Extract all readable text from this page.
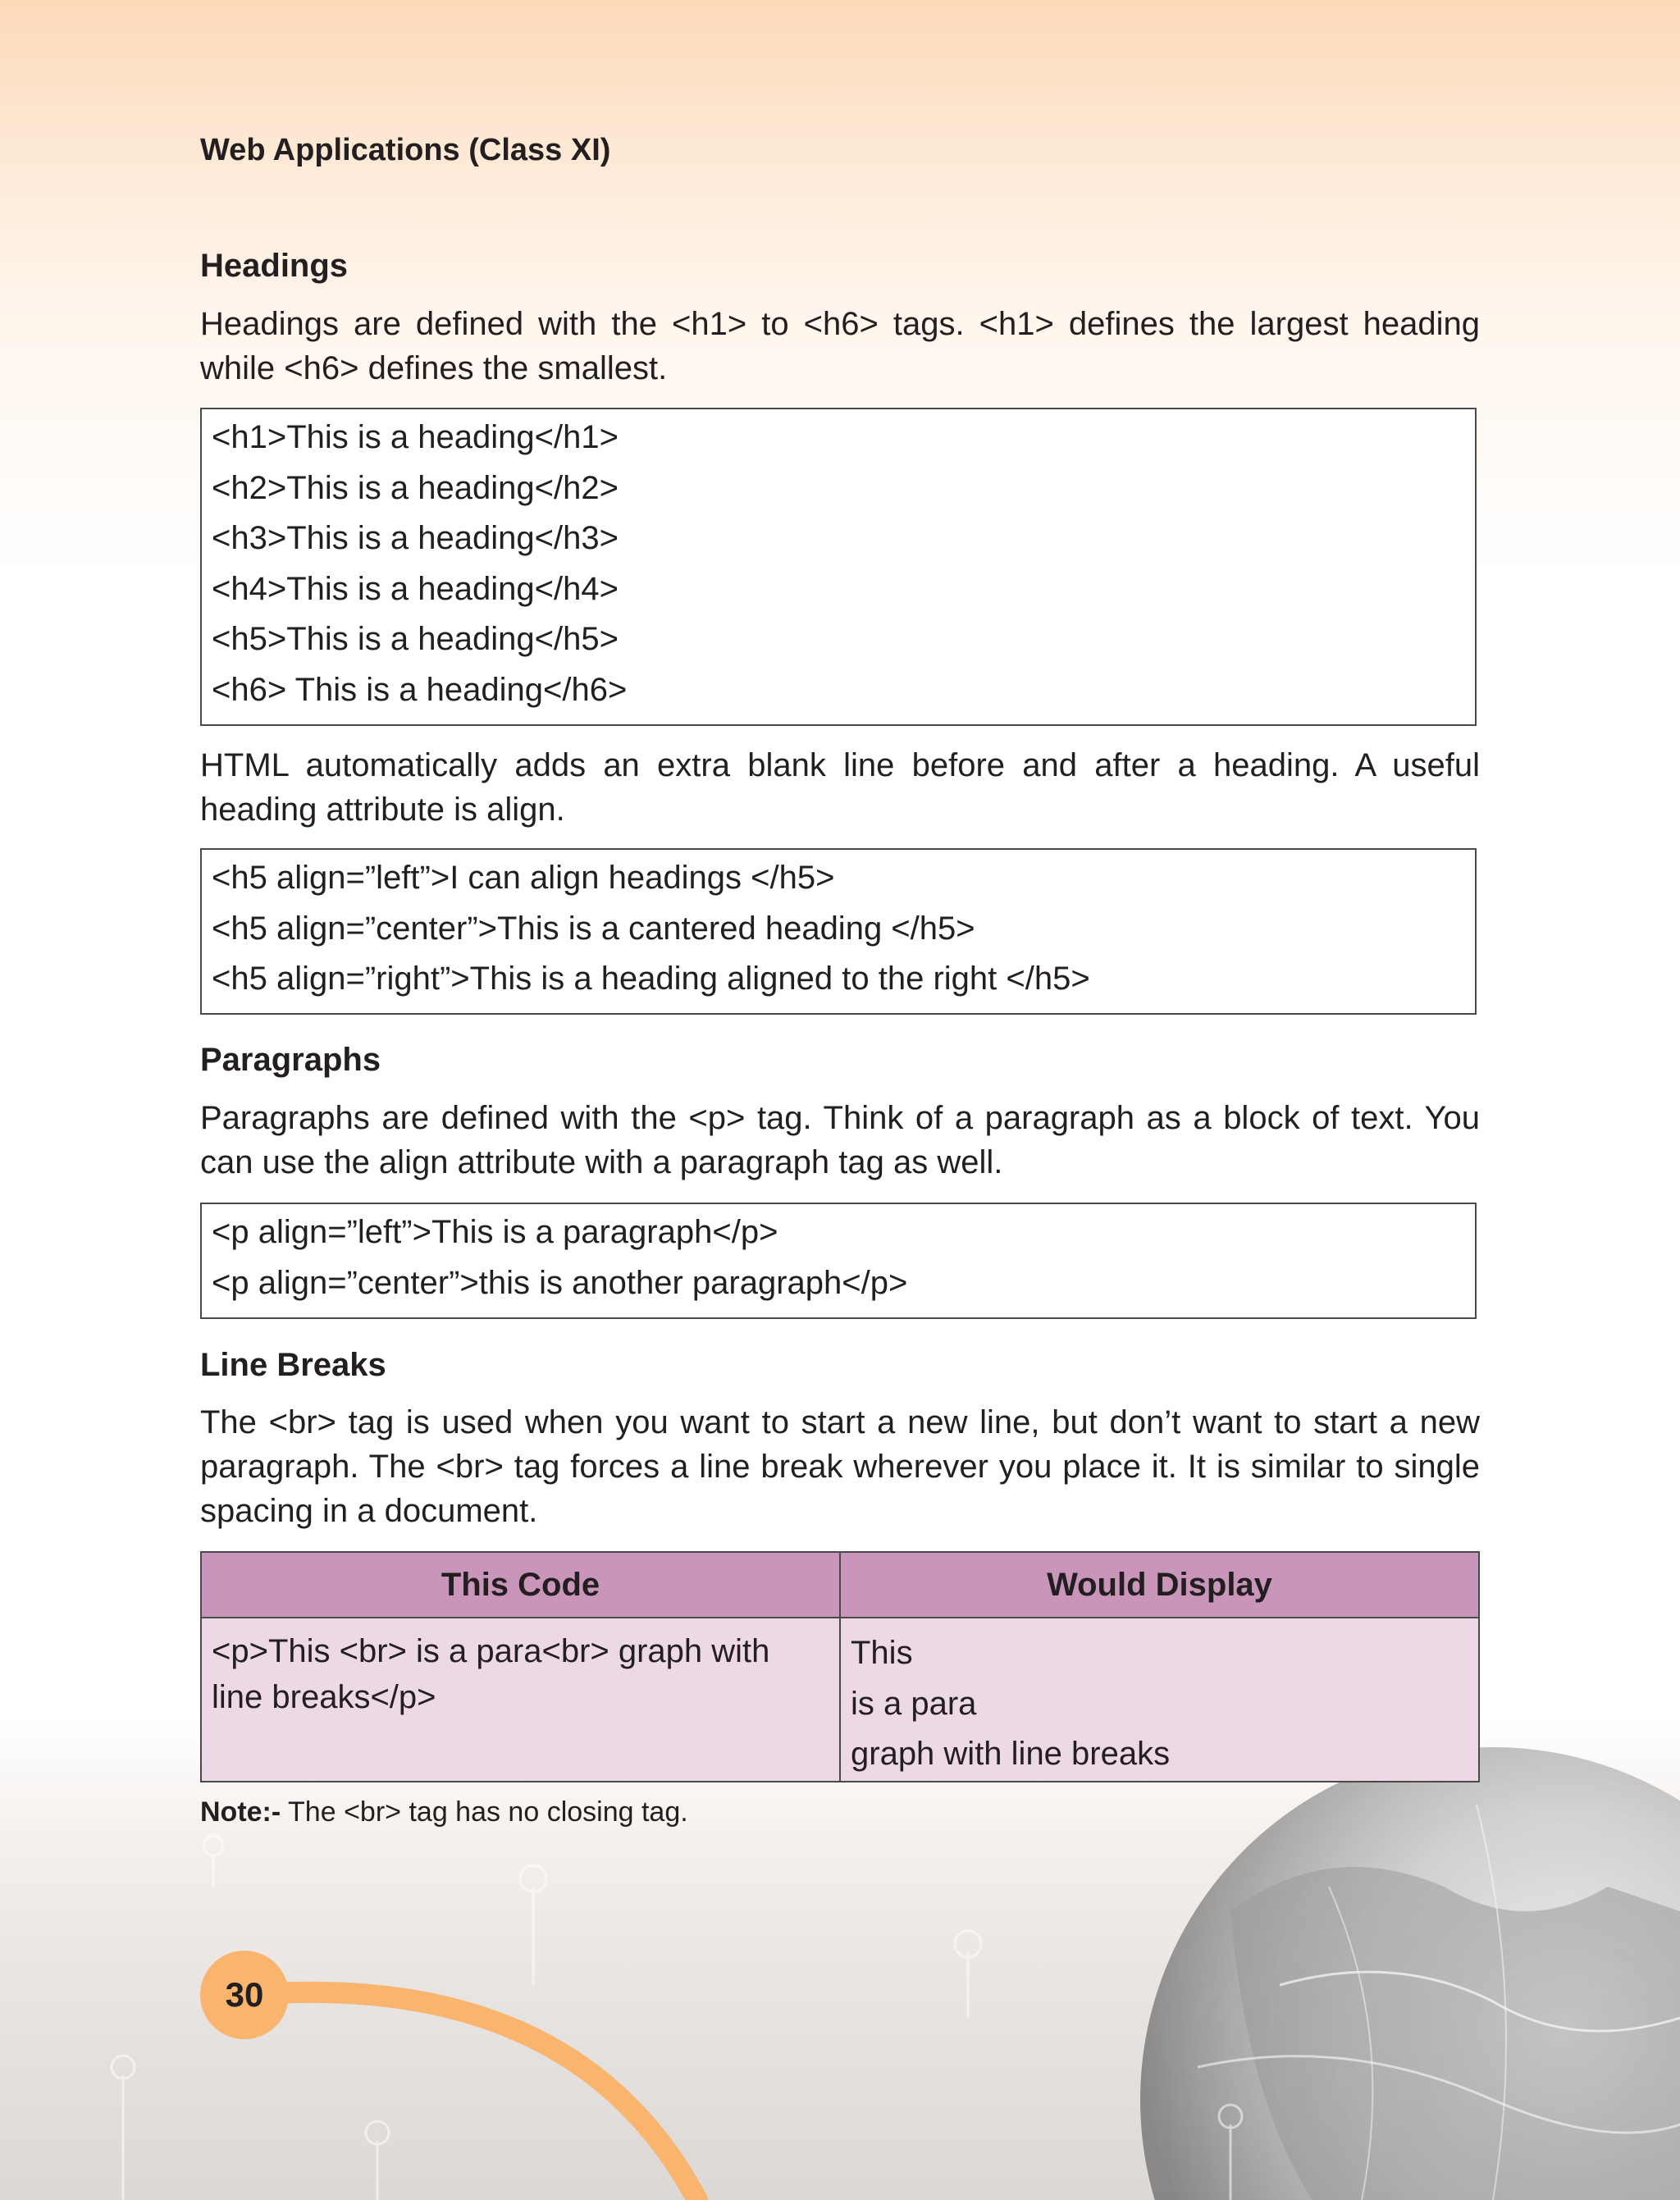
Web Applications (Class XI)

Headings

Headings are defined with the <h1> to <h6> tags. <h1> defines the largest heading while <h6> defines the smallest.

<h1>This is a heading</h1>
<h2>This is a heading</h2>
<h3>This is a heading</h3>
<h4>This is a heading</h4>
<h5>This is a heading</h5>
<h6> This is a heading</h6>

HTML automatically adds an extra blank line before and after a heading. A useful heading attribute is align.

<h5 align=”left”>I can align headings </h5>
<h5 align=”center”>This is a cantered heading </h5>
<h5 align=”right”>This is a heading aligned to the right </h5>
Paragraphs

Paragraphs are defined with the <p> tag. Think of a paragraph as a block of text. You can use the align attribute with a paragraph tag as well.

<p align=”left”>This is a paragraph</p>
<p align=”center”>this is another paragraph</p>
Line Breaks

The <br> tag is used when you want to start a new line, but don’t want to start a new paragraph. The <br> tag forces a line break wherever you place it. It is similar to single spacing in a document.

This Code	Would Display
<p>This <br> is a para<br> graph with line breaks</p>	This
is a para
graph with line breaks

Note:- The <br> tag has no closing tag.

30
